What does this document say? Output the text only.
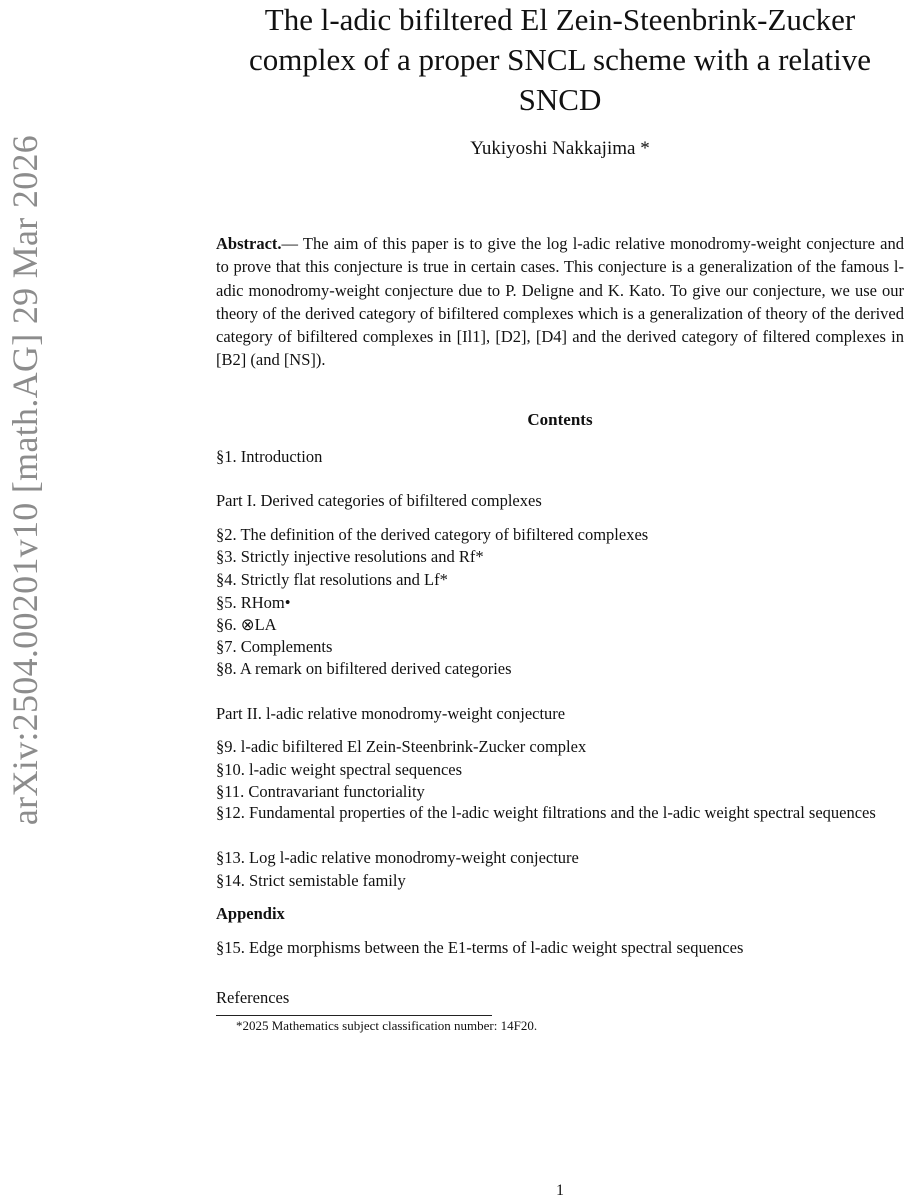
arXiv:2504.00201v10 [math.AG] 29 Mar 2026
The l-adic bifiltered El Zein-Steenbrink-Zucker
complex of a proper SNCL scheme with a relative
SNCD
Yukiyoshi Nakkajima *
Abstract.— The aim of this paper is to give the log l-adic relative monodromy-weight conjecture and to prove that this conjecture is true in certain cases. This conjecture is a generalization of the famous l-adic monodromy-weight conjecture due to P. Deligne and K. Kato. To give our conjecture, we use our theory of the derived category of bifiltered complexes which is a generalization of theory of the derived category of bifiltered complexes in [Il1], [D2], [D4] and the derived category of filtered complexes in [B2] (and [NS]).
Contents
§1. Introduction
Part I. Derived categories of bifiltered complexes
§2. The definition of the derived category of bifiltered complexes
§3. Strictly injective resolutions and Rf*
§4. Strictly flat resolutions and Lf*
§5. RHom•
§6. ⊗LA
§7. Complements
§8. A remark on bifiltered derived categories
Part II. l-adic relative monodromy-weight conjecture
§9. l-adic bifiltered El Zein-Steenbrink-Zucker complex
§10. l-adic weight spectral sequences
§11. Contravariant functoriality
§12. Fundamental properties of the l-adic weight filtrations and the l-adic weight spectral sequences
§13. Log l-adic relative monodromy-weight conjecture
§14. Strict semistable family
Appendix
§15. Edge morphisms between the E1-terms of l-adic weight spectral sequences
References
*2025 Mathematics subject classification number: 14F20.
1
